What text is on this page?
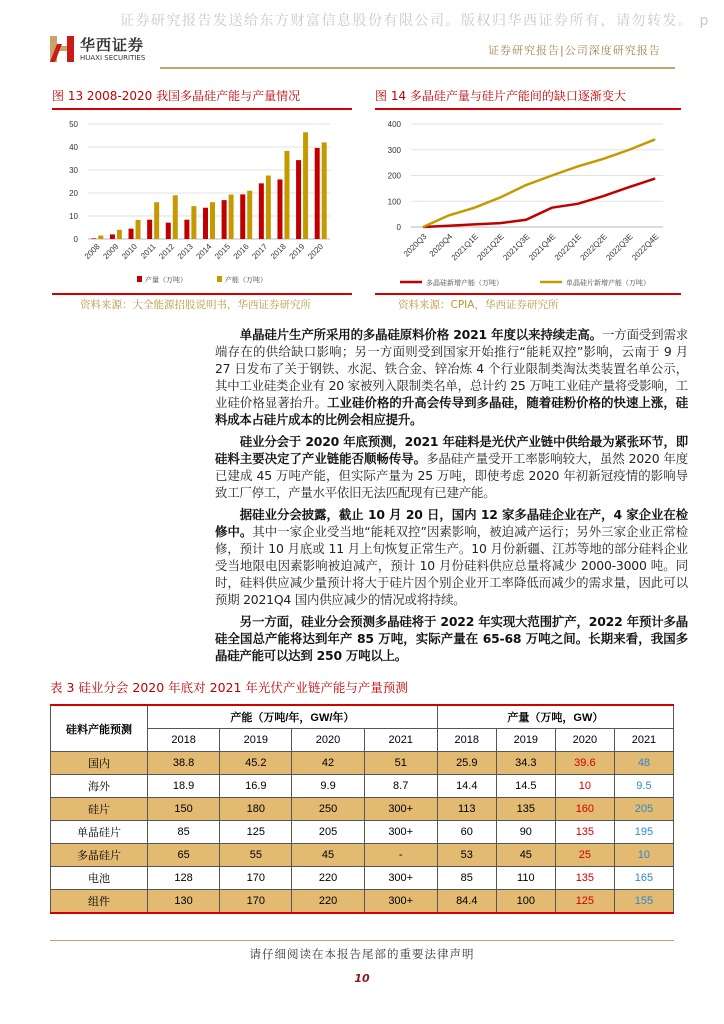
证券研究报告发送给东方财富信息股份有限公司。版权归华西证券所有，请勿转发。 p
华西证券
HUAXI SECURITIES
证券研究报告|公司深度研究报告
图 13 2008-2020 我国多晶硅产能与产量情况
0
10
20
30
40
50
2008 2009 2010 2011 2012 2013 2014 2015 2016 2017 2018 2019 2020
产量（万吨）	产能（万吨）
资料来源：大全能源招股说明书，华西证券研究所
图 14 多晶硅产量与硅片产能间的缺口逐渐变大
0
100
200
300
400
2020Q3 2020Q4
2021Q1E
2021Q2E
2021Q3E
2021Q4E
2022Q1E
2022Q2E
2022Q3E
2022Q4E
多晶硅新增产能（万吨）	单晶硅片新增产能（万吨）
资料来源：CPIA，华西证券研究所

单晶硅片生产所采用的多晶硅原料价格 2021 年度以来持续走高。一方面受到需求端存在的供给缺口影响；另一方面则受到国家开始推行“能耗双控”影响，云南于 9 月 27 日发布了关于钢铁、水泥、铁合金、锌冶炼 4 个行业限制类淘汰类装置名单公示，其中工业硅类企业有 20 家被列入限制类名单，总计约 25 万吨工业硅产量将受影响，工业硅价格显著抬升。工业硅价格的升高会传导到多晶硅，随着硅粉价格的快速上涨，硅料成本占硅片成本的比例会相应提升。

硅业分会于 2020 年底预测，2021 年硅料是光伏产业链中供给最为紧张环节，即硅料主要决定了产业链能否顺畅传导。多晶硅产量受开工率影响较大，虽然 2020 年度已建成 45 万吨产能，但实际产量为 25 万吨，即使考虑 2020 年初新冠疫情的影响导致工厂停工，产量水平依旧无法匹配现有已建产能。

据硅业分会披露，截止 10 月 20 日，国内 12 家多晶硅企业在产，4 家企业在检修中。其中一家企业受当地“能耗双控”因素影响，被迫减产运行；另外三家企业正常检修，预计 10 月底或 11 月上旬恢复正常生产。10 月份新疆、江苏等地的部分硅料企业受当地限电因素影响被迫减产，预计 10 月份硅料供应总量将减少 2000-3000 吨。同时，硅料供应减少量预计将大于硅片因个别企业开工率降低而减少的需求量，因此可以预期 2021Q4 国内供应减少的情况或将持续。

另一方面，硅业分会预测多晶硅将于 2022 年实现大范围扩产，2022 年预计多晶硅全国总产能将达到年产 85 万吨，实际产量在 65-68 万吨之间。长期来看，我国多晶硅产能可以达到 250 万吨以上。

表 3 硅业分会 2020 年底对 2021 年光伏产业链产能与产量预测
硅料产能预测	产能（万吨/年，GW/年）				产量（万吨，GW）			
	2018	2019	2020	2021	2018	2019	2020	2021
国内	38.8	45.2	42	51	25.9	34.3	39.6	48
海外	18.9	16.9	9.9	8.7	14.4	14.5	10	9.5
硅片	150	180	250	300+	113	135	160	205
单晶硅片	85	125	205	300+	60	90	135	195
多晶硅片	65	55	45	-	53	45	25	10
电池	128	170	220	300+	85	110	135	165
组件	130	170	220	300+	84.4	100	125	155
请仔细阅读在本报告尾部的重要法律声明
10
